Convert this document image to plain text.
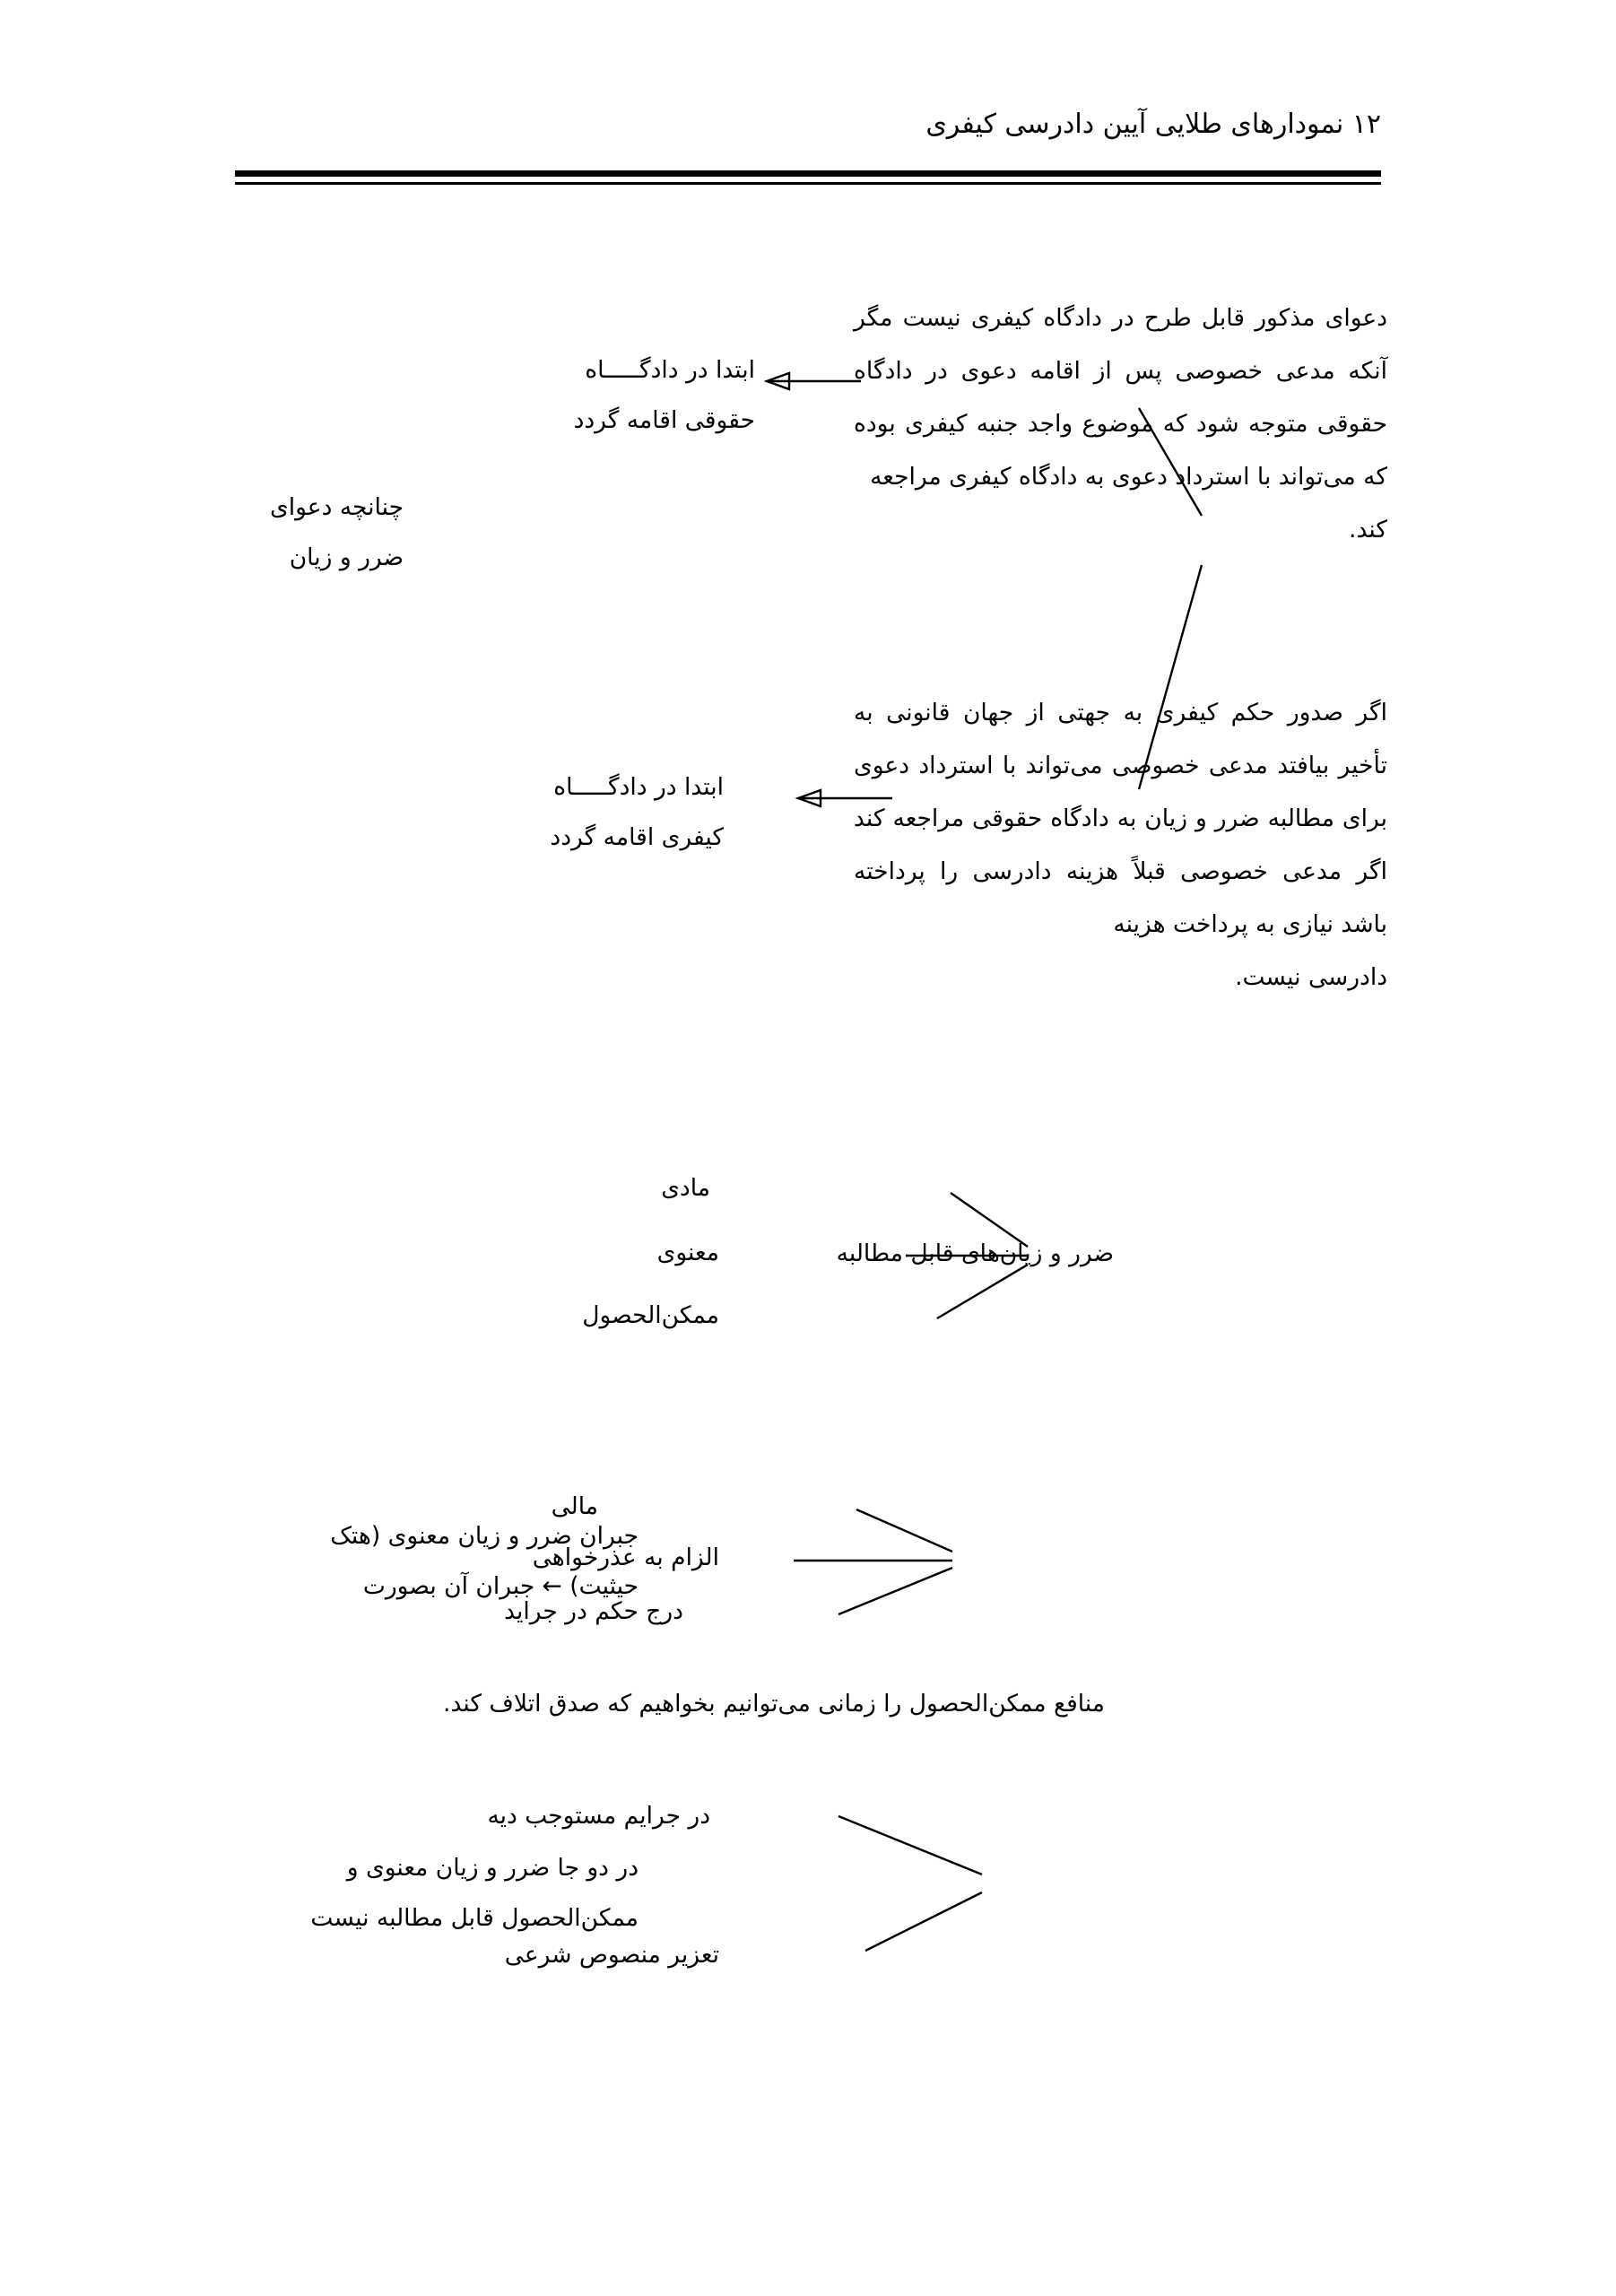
۱۲ نمودارهای طلایی آیین دادرسی کیفری
چنانچه دعوای
ضرر و زیان
ابتدا در دادگـــــاه
حقوقی اقامه گردد
ابتدا در دادگـــــاه
کیفری اقامه گردد
دعوای مذکور قابل طرح در دادگاه کیفری نیست مگر آنکه مدعی خصوصی پس از اقامه دعوی در دادگاه حقوقی متوجه شود که موضوع واجد جنبه کیفری بوده که می‌تواند با استرداد دعوی به دادگاه کیفری مراجعه
کند.
اگر صدور حکم کیفری به جهتی از جهان قانونی به تأخیر بیافتد مدعی خصوصی می‌تواند با استرداد دعوی برای مطالبه ضرر و زیان به دادگاه حقوقی مراجعه کند اگر مدعی خصوصی قبلاً هزینه دادرسی را پرداخته باشد نیازی به پرداخت هزینه
دادرسی نیست.
ضرر و زیان‌های قابل مطالبه
مادی
معنوی
ممکن‌الحصول
جبران ضرر و زیان معنوی (هتک
حیثیت) ← جبران آن بصورت
مالی
الزام به عذرخواهی
درج حکم در جراید
منافع ممکن‌الحصول را زمانی می‌توانیم بخواهیم که صدق اتلاف کند.
در دو جا ضرر و زیان معنوی و
ممکن‌الحصول قابل مطالبه نیست
در جرایم مستوجب دیه
تعزیر منصوص شرعی
